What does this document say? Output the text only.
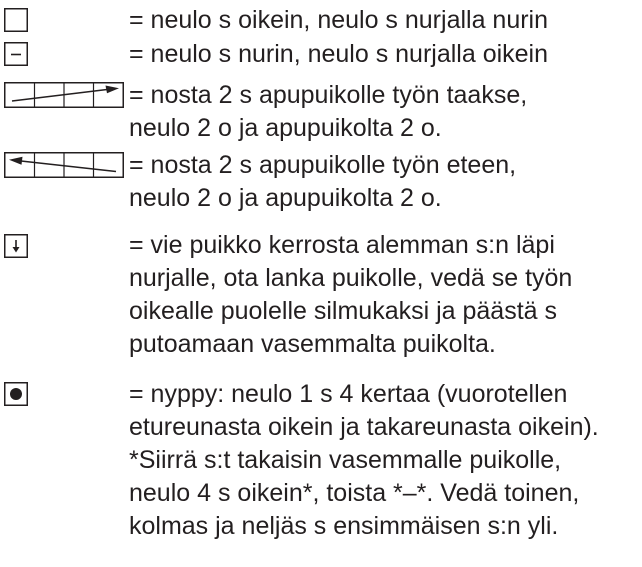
= neulo s oikein, neulo s nurjalla nurin
= neulo s nurin, neulo s nurjalla oikein
= nosta 2 s apupuikolle työn taakse,
neulo 2 o ja apupuikolta 2 o.
= nosta 2 s apupuikolle työn eteen,
neulo 2 o ja apupuikolta 2 o.
= vie puikko kerrosta alemman s:n läpi
nurjalle, ota lanka puikolle, vedä se työn
oikealle puolelle silmukaksi ja päästä s
putoamaan vasemmalta puikolta.
= nyppy: neulo 1 s 4 kertaa (vuorotellen
etureunasta oikein ja takareunasta oikein).
*Siirrä s:t takaisin vasemmalle puikolle,
neulo 4 s oikein*, toista *–*. Vedä toinen,
kolmas ja neljäs s ensimmäisen s:n yli.
